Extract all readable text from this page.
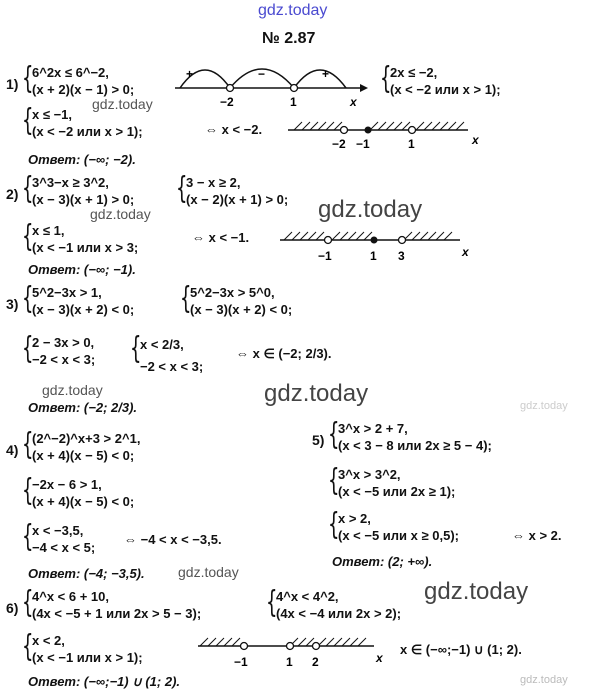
gdz.today
№ 2.87
1) {
6^2x ≤ 6^−2,
(x + 2)(x − 1) > 0;
+	−	+
−2	1	x
{
2x ≤ −2,
(x < −2 или x > 1);
gdz.today
{
x ≤ −1,
(x < −2 или x > 1);	⇔ x < −2.
−2 −1	1	x
Ответ: (−∞; −2).
2) {
3^3−x ≥ 3^2,
(x − 3)(x + 1) > 0; {
3 − x ≥ 2,
(x − 2)(x + 1) > 0;
gdz.today	gdz.today
{
x ≤ 1,
(x < −1 или x > 3;
⇔ x < −1.
−1	1 3	x
Ответ: (−∞; −1).
3) {
5^2−3x > 1,
(x − 3)(x + 2) < 0; {
5^2−3x > 5^0,
(x − 3)(x + 2) < 0;
{
2 − 3x > 0,
−2 < x < 3; {
x < 2/3,
−2 < x < 3;
⇔ x ∈ (−2; 2/3).
gdz.today	gdz.today
Ответ: (−2; 2/3).
4) {
(2^−2)^x+3 > 2^1,
(x + 4)(x − 5) < 0;
{
−2x − 6 > 1,
(x + 4)(x − 5) < 0;
{
x < −3,5,
−4 < x < 5;
⇔ −4 < x < −3,5.
Ответ: (−4; −3,5). gdz.today
5) {
3^x > 2 + 7,
(x < 3 − 8 или 2x ≥ 5 − 4);
{
3^x > 3^2,
(x < −5 или 2x ≥ 1);
{
x > 2,
(x < −5 или x ≥ 0,5);	⇔ x > 2.
Ответ: (2; +∞).
gdz.today
6) {
4^x < 6 + 10,
(4x < −5 + 1 или 2x > 5 − 3); {
4^x < 4^2,
(4x < −4 или 2x > 2);
{
x < 2,
(x < −1 или x > 1);	−1	1 2	x
x ∈ (−∞;−1) ∪ (1; 2).
Ответ: (−∞;−1) ∪ (1; 2).	gdz.today
gdz.today
